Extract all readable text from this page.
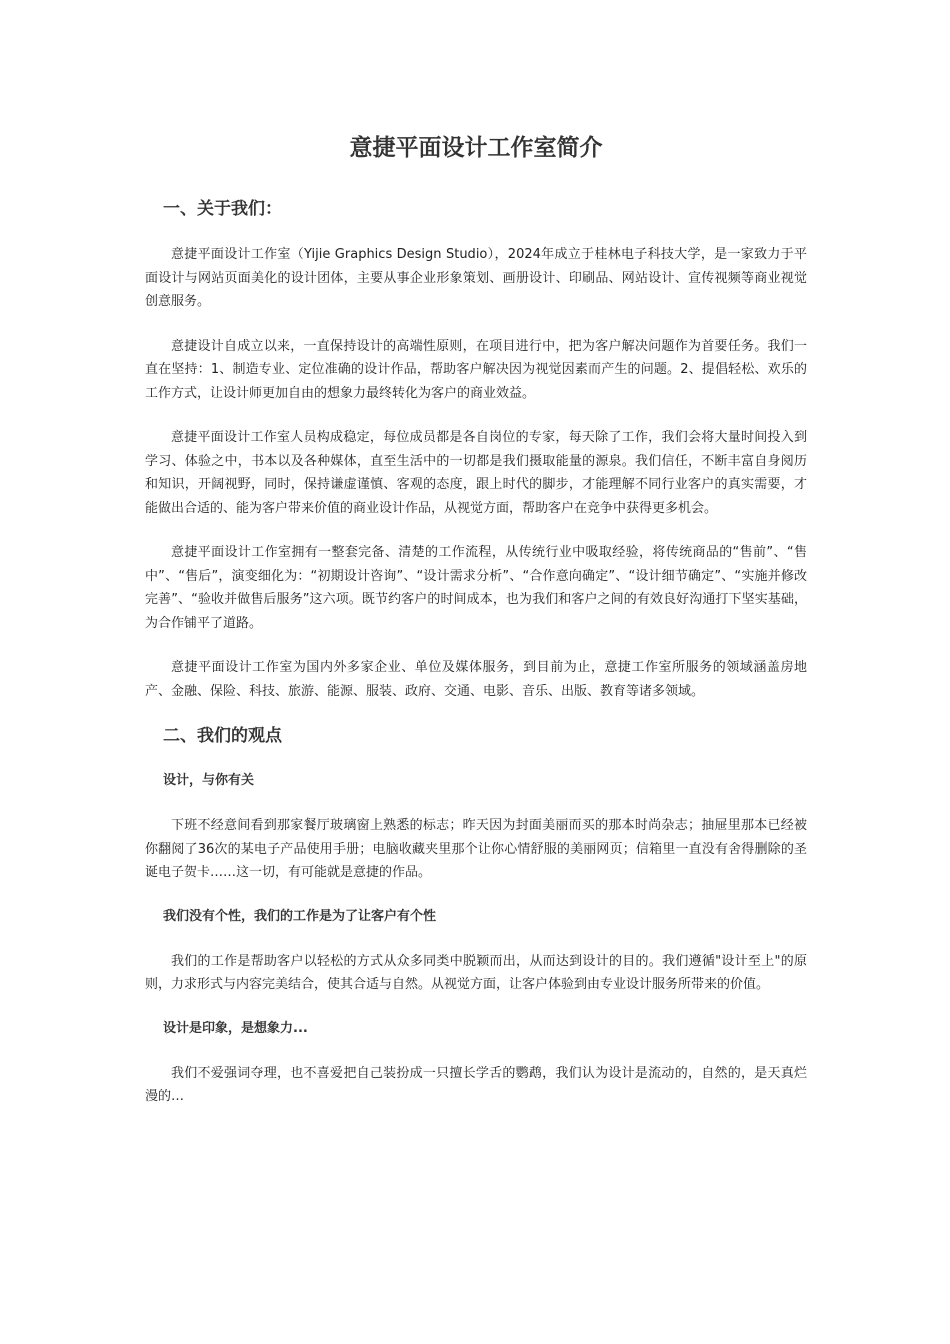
意捷平面设计工作室简介
一、关于我们：

意捷平面设计工作室（Yijie Graphics Design Studio），2024年成立于桂林电子科技大学，是一家致力于平面设计与网站页面美化的设计团体，主要从事企业形象策划、画册设计、印刷品、网站设计、宣传视频等商业视觉创意服务。

意捷设计自成立以来，一直保持设计的高端性原则，在项目进行中，把为客户解决问题作为首要任务。我们一直在坚持：1、制造专业、定位准确的设计作品，帮助客户解决因为视觉因素而产生的问题。2、提倡轻松、欢乐的工作方式，让设计师更加自由的想象力最终转化为客户的商业效益。

意捷平面设计工作室人员构成稳定，每位成员都是各自岗位的专家，每天除了工作，我们会将大量时间投入到学习、体验之中，书本以及各种媒体，直至生活中的一切都是我们摄取能量的源泉。我们信任，不断丰富自身阅历和知识，开阔视野，同时，保持谦虚谨慎、客观的态度，跟上时代的脚步，才能理解不同行业客户的真实需要，才能做出合适的、能为客户带来价值的商业设计作品，从视觉方面，帮助客户在竞争中获得更多机会。

意捷平面设计工作室拥有一整套完备、清楚的工作流程，从传统行业中吸取经验，将传统商品的“售前”、“售中”、“售后”，演变细化为：“初期设计咨询”、“设计需求分析”、“合作意向确定”、“设计细节确定”、“实施并修改完善”、“验收并做售后服务”这六项。既节约客户的时间成本，也为我们和客户之间的有效良好沟通打下坚实基础，为合作铺平了道路。

意捷平面设计工作室为国内外多家企业、单位及媒体服务，到目前为止，意捷工作室所服务的领域涵盖房地产、金融、保险、科技、旅游、能源、服装、政府、交通、电影、音乐、出版、教育等诸多领域。

二、我们的观点
设计，与你有关

下班不经意间看到那家餐厅玻璃窗上熟悉的标志；昨天因为封面美丽而买的那本时尚杂志；抽屉里那本已经被你翻阅了36次的某电子产品使用手册；电脑收藏夹里那个让你心情舒服的美丽网页；信箱里一直没有舍得删除的圣诞电子贺卡……这一切，有可能就是意捷的作品。

我们没有个性，我们的工作是为了让客户有个性

我们的工作是帮助客户以轻松的方式从众多同类中脱颖而出，从而达到设计的目的。我们遵循"设计至上"的原则，力求形式与内容完美结合，使其合适与自然。从视觉方面，让客户体验到由专业设计服务所带来的价值。

设计是印象，是想象力...

我们不爱强词夺理，也不喜爱把自己装扮成一只擅长学舌的鹦鹉，我们认为设计是流动的，自然的，是天真烂漫的…
